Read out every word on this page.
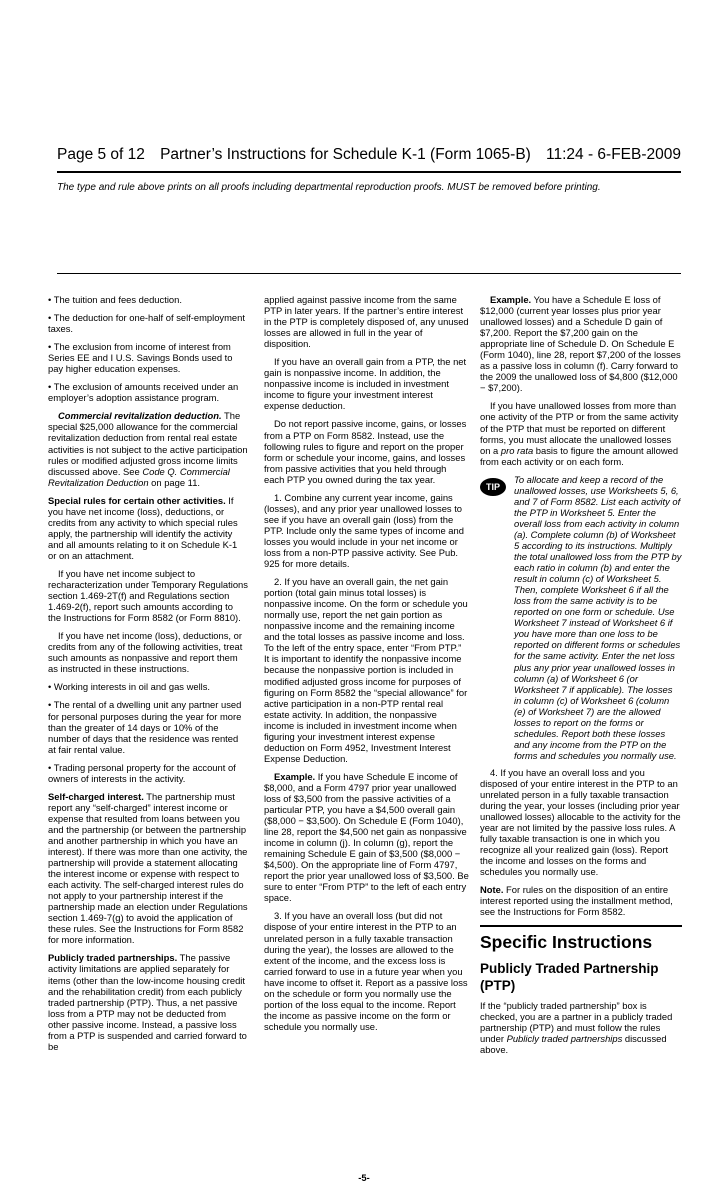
Page 5 of 12 Partner’s Instructions for Schedule K-1 (Form 1065-B) 11:24 - 6-FEB-2009
The type and rule above prints on all proofs including departmental reproduction proofs. MUST be removed before printing.

• The tuition and fees deduction.

• The deduction for one-half of self-employment taxes.

• The exclusion from income of interest from Series EE and I U.S. Savings Bonds used to pay higher education expenses.

• The exclusion of amounts received under an employer’s adoption assistance program.

Commercial revitalization deduction. The special $25,000 allowance for the commercial revitalization deduction from rental real estate activities is not subject to the active participation rules or modified adjusted gross income limits discussed above. See Code Q. Commercial Revitalization Deduction on page 11.

Special rules for certain other activities. If you have net income (loss), deductions, or credits from any activity to which special rules apply, the partnership will identify the activity and all amounts relating to it on Schedule K-1 or on an attachment.

If you have net income subject to recharacterization under Temporary Regulations section 1.469-2T(f) and Regulations section 1.469-2(f), report such amounts according to the Instructions for Form 8582 (or Form 8810).

If you have net income (loss), deductions, or credits from any of the following activities, treat such amounts as nonpassive and report them as instructed in these instructions.

• Working interests in oil and gas wells.

• The rental of a dwelling unit any partner used for personal purposes during the year for more than the greater of 14 days or 10% of the number of days that the residence was rented at fair rental value.

• Trading personal property for the account of owners of interests in the activity.

Self-charged interest. The partnership must report any “self-charged” interest income or expense that resulted from loans between you and the partnership (or between the partnership and another partnership in which you have an interest). If there was more than one activity, the partnership will provide a statement allocating the interest income or expense with respect to each activity. The self-charged interest rules do not apply to your partnership interest if the partnership made an election under Regulations section 1.469-7(g) to avoid the application of these rules. See the Instructions for Form 8582 for more information.

Publicly traded partnerships. The passive activity limitations are applied separately for items (other than the low-income housing credit and the rehabilitation credit) from each publicly traded partnership (PTP). Thus, a net passive loss from a PTP may not be deducted from other passive income. Instead, a passive loss from a PTP is suspended and carried forward to be

applied against passive income from the same PTP in later years. If the partner’s entire interest in the PTP is completely disposed of, any unused losses are allowed in full in the year of disposition.

If you have an overall gain from a PTP, the net gain is nonpassive income. In addition, the nonpassive income is included in investment income to figure your investment interest expense deduction.

Do not report passive income, gains, or losses from a PTP on Form 8582. Instead, use the following rules to figure and report on the proper form or schedule your income, gains, and losses from passive activities that you held through each PTP you owned during the tax year.

1. Combine any current year income, gains (losses), and any prior year unallowed losses to see if you have an overall gain (loss) from the PTP. Include only the same types of income and losses you would include in your net income or loss from a non-PTP passive activity. See Pub. 925 for more details.

2. If you have an overall gain, the net gain portion (total gain minus total losses) is nonpassive income. On the form or schedule you normally use, report the net gain portion as nonpassive income and the remaining income and the total losses as passive income and loss. To the left of the entry space, enter “From PTP.” It is important to identify the nonpassive income because the nonpassive portion is included in modified adjusted gross income for purposes of figuring on Form 8582 the “special allowance” for active participation in a non-PTP rental real estate activity. In addition, the nonpassive income is included in investment income when figuring your investment interest expense deduction on Form 4952, Investment Interest Expense Deduction.

Example. If you have Schedule E income of $8,000, and a Form 4797 prior year unallowed loss of $3,500 from the passive activities of a particular PTP, you have a $4,500 overall gain ($8,000 − $3,500). On Schedule E (Form 1040), line 28, report the $4,500 net gain as nonpassive income in column (j). In column (g), report the remaining Schedule E gain of $3,500 ($8,000 − $4,500). On the appropriate line of Form 4797, report the prior year unallowed loss of $3,500. Be sure to enter “From PTP” to the left of each entry space.

3. If you have an overall loss (but did not dispose of your entire interest in the PTP to an unrelated person in a fully taxable transaction during the year), the losses are allowed to the extent of the income, and the excess loss is carried forward to use in a future year when you have income to offset it. Report as a passive loss on the schedule or form you normally use the portion of the loss equal to the income. Report the income as passive income on the form or schedule you normally use.

Example. You have a Schedule E loss of $12,000 (current year losses plus prior year unallowed losses) and a Schedule D gain of $7,200. Report the $7,200 gain on the appropriate line of Schedule D. On Schedule E (Form 1040), line 28, report $7,200 of the losses as a passive loss in column (f). Carry forward to the 2009 the unallowed loss of $4,800 ($12,000 − $7,200).

If you have unallowed losses from more than one activity of the PTP or from the same activity of the PTP that must be reported on different forms, you must allocate the unallowed losses on a pro rata basis to figure the amount allowed from each activity or on each form.

TIP
To allocate and keep a record of the unallowed losses, use Worksheets 5, 6, and 7 of Form 8582. List each activity of the PTP in Worksheet 5. Enter the overall loss from each activity in column (a). Complete column (b) of Worksheet 5 according to its instructions. Multiply the total unallowed loss from the PTP by each ratio in column (b) and enter the result in column (c) of Worksheet 5. Then, complete Worksheet 6 if all the loss from the same activity is to be reported on one form or schedule. Use Worksheet 7 instead of Worksheet 6 if you have more than one loss to be reported on different forms or schedules for the same activity. Enter the net loss plus any prior year unallowed losses in column (a) of Worksheet 6 (or Worksheet 7 if applicable). The losses in column (c) of Worksheet 6 (column (e) of Worksheet 7) are the allowed losses to report on the forms or schedules. Report both these losses and any income from the PTP on the forms and schedules you normally use.

4. If you have an overall loss and you disposed of your entire interest in the PTP to an unrelated person in a fully taxable transaction during the year, your losses (including prior year unallowed losses) allocable to the activity for the year are not limited by the passive loss rules. A fully taxable transaction is one in which you recognize all your realized gain (loss). Report the income and losses on the forms and schedules you normally use.

Note. For rules on the disposition of an entire interest reported using the installment method, see the Instructions for Form 8582.

Specific Instructions
Publicly Traded Partnership (PTP)

If the “publicly traded partnership” box is checked, you are a partner in a publicly traded partnership (PTP) and must follow the rules under Publicly traded partnerships discussed above.

-5-
